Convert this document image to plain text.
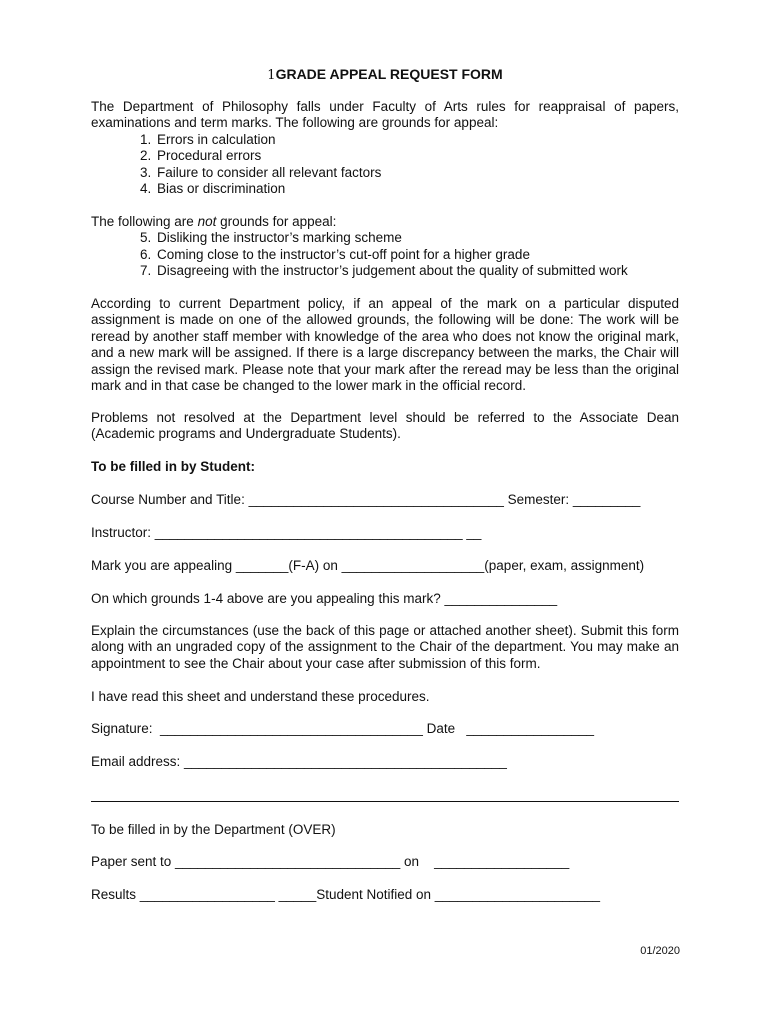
1GRADE APPEAL REQUEST FORM
The Department of Philosophy falls under Faculty of Arts rules for reappraisal of papers, examinations and term marks. The following are grounds for appeal:
1. Errors in calculation
2. Procedural errors
3. Failure to consider all relevant factors
4. Bias or discrimination
The following are not grounds for appeal:
5. Disliking the instructor’s marking scheme
6. Coming close to the instructor’s cut-off point for a higher grade
7. Disagreeing with the instructor’s judgement about the quality of submitted work
According to current Department policy, if an appeal of the mark on a particular disputed assignment is made on one of the allowed grounds, the following will be done: The work will be reread by another staff member with knowledge of the area who does not know the original mark, and a new mark will be assigned. If there is a large discrepancy between the marks, the Chair will assign the revised mark. Please note that your mark after the reread may be less than the original mark and in that case be changed to the lower mark in the official record.
Problems not resolved at the Department level should be referred to the Associate Dean (Academic programs and Undergraduate Students).
To be filled in by Student:
Course Number and Title: __________________________________ Semester: _________
Instructor: _________________________________________ __
Mark you are appealing _______(F-A) on ___________________(paper, exam, assignment)
On which grounds 1-4 above are you appealing this mark? _______________
Explain the circumstances (use the back of this page or attached another sheet). Submit this form along with an ungraded copy of the assignment to the Chair of the department. You may make an appointment to see the Chair about your case after submission of this form.
I have read this sheet and understand these procedures.
Signature:  ___________________________________ Date   _________________
Email address: ___________________________________________
To be filled in by the Department (OVER)
Paper sent to ______________________________ on    __________________
Results __________________ _____Student Notified on ______________________
01/2020
